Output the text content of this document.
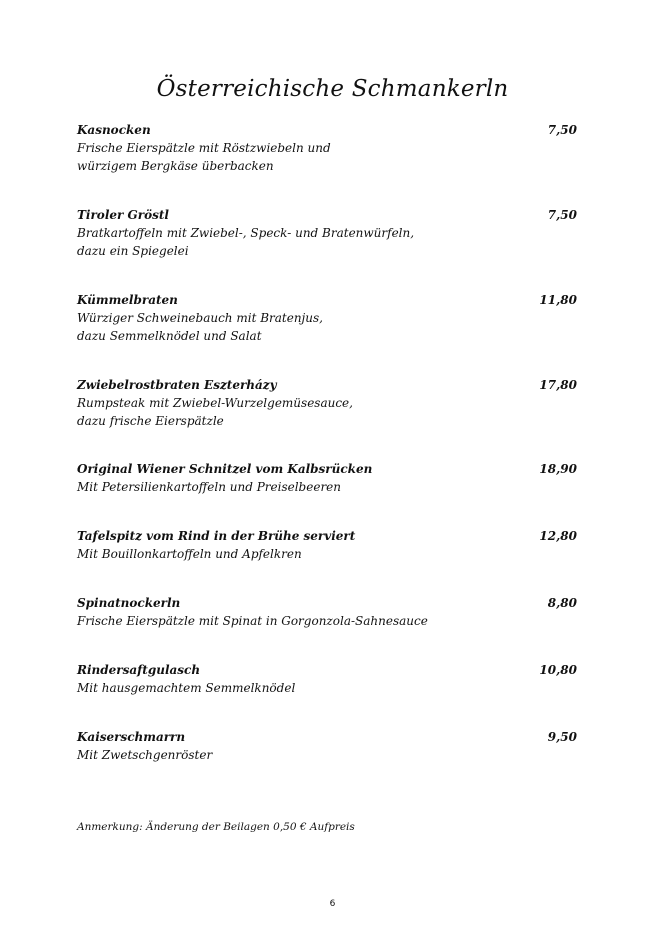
Österreichische Schmankerln
Kasnocken	7,50
Frische Eierspätzle mit Röstzwiebeln und
würzigem Bergkäse überbacken
Tiroler Gröstl	7,50
Bratkartoffeln mit Zwiebel-, Speck- und Bratenwürfeln,
dazu ein Spiegelei
Kümmelbraten	11,80
Würziger Schweinebauch mit Bratenjus,
dazu Semmelknödel und Salat
Zwiebelrostbraten Eszterházy	17,80
Rumpsteak mit Zwiebel-Wurzelgemüsesauce,
dazu frische Eierspätzle
Original Wiener Schnitzel vom Kalbsrücken	18,90
Mit Petersilienkartoffeln und Preiselbeeren
Tafelspitz vom Rind in der Brühe serviert	12,80
Mit Bouillonkartoffeln und Apfelkren
Spinatnockerln	8,80
Frische Eierspätzle mit Spinat in Gorgonzola-Sahnesauce
Rindersaftgulasch	10,80
Mit hausgemachtem Semmelknödel
Kaiserschmarrn	9,50
Mit Zwetschgenröster
Anmerkung: Änderung der Beilagen 0,50 € Aufpreis
6
